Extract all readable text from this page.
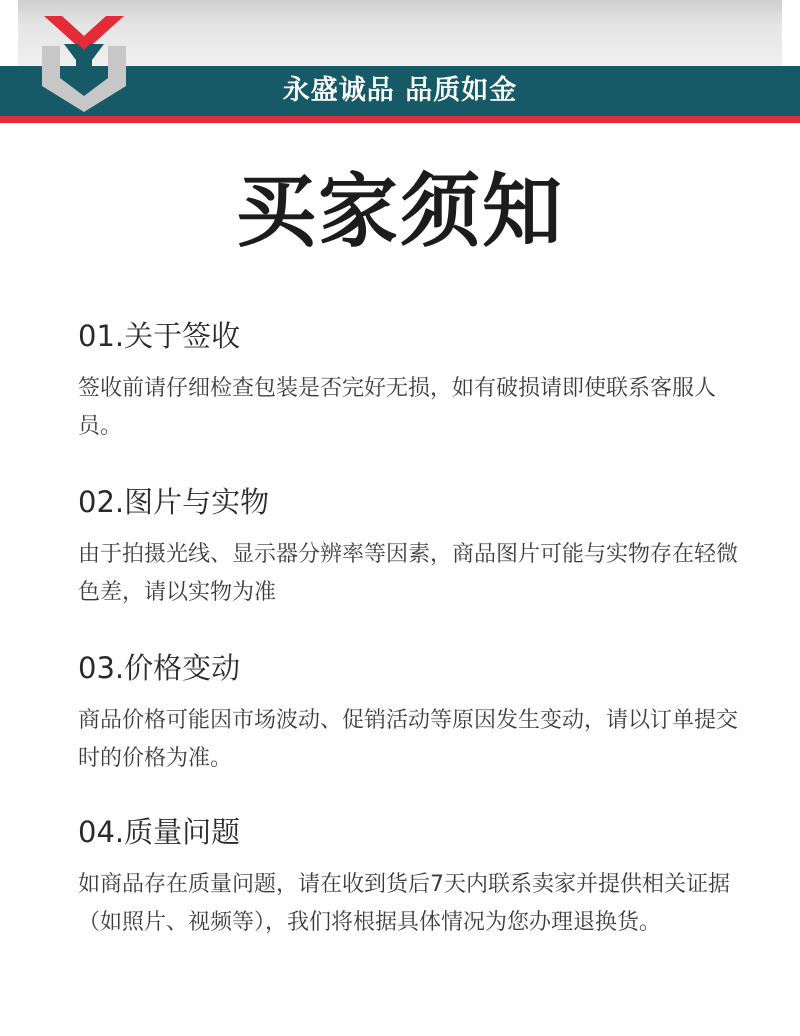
永盛诚品 品质如金
买家须知
01.关于签收

签收前请仔细检查包装是否完好无损，如有破损请即使联系客服人员。

02.图片与实物

由于拍摄光线、显示器分辨率等因素，商品图片可能与实物存在轻微色差，请以实物为准

03.价格变动

商品价格可能因市场波动、促销活动等原因发生变动，请以订单提交时的价格为准。

04.质量问题

如商品存在质量问题，请在收到货后7天内联系卖家并提供相关证据（如照片、视频等），我们将根据具体情况为您办理退换货。
